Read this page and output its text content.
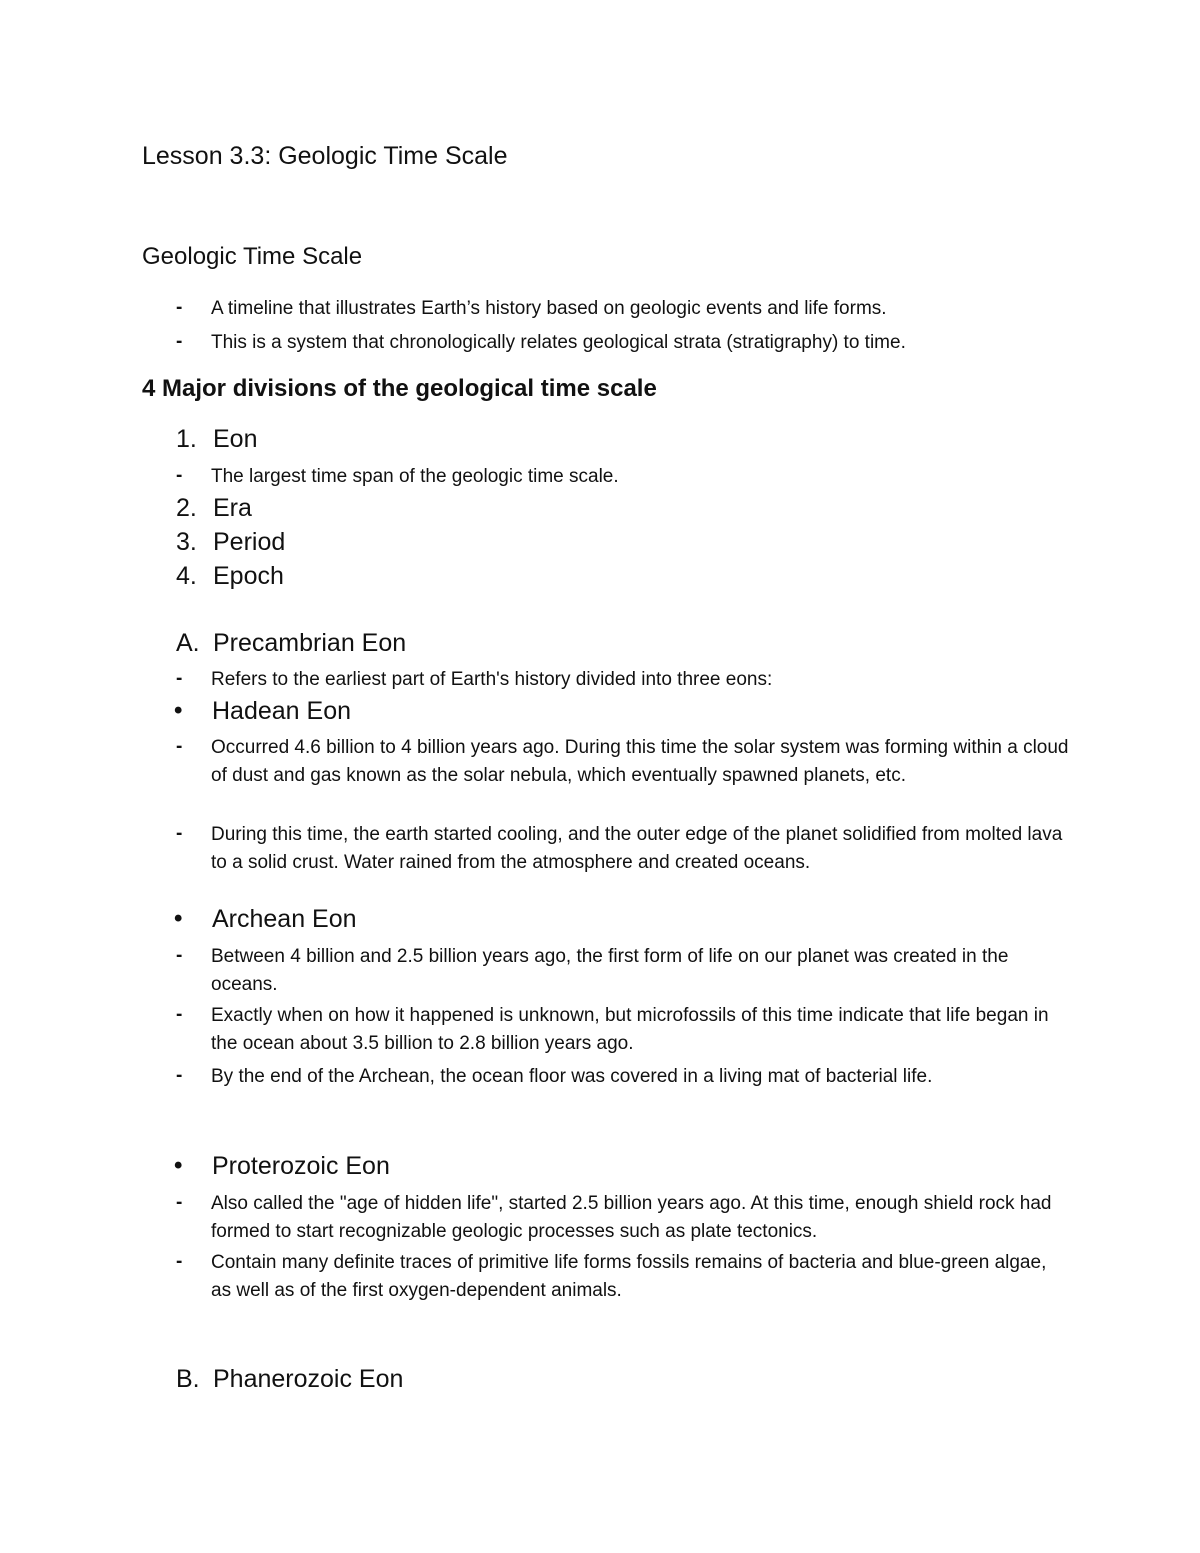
Lesson 3.3: Geologic Time Scale
Geologic Time Scale
- A timeline that illustrates Earth’s history based on geologic events and life forms.
- This is a system that chronologically relates geological strata (stratigraphy) to time.
4 Major divisions of the geological time scale
1. Eon
- The largest time span of the geologic time scale.
2. Era
3. Period
4. Epoch
A. Precambrian Eon
- Refers to the earliest part of Earth's history divided into three eons:
• Hadean Eon
- Occurred 4.6 billion to 4 billion years ago. During this time the solar system was forming within a cloud of dust and gas known as the solar nebula, which eventually spawned planets, etc.
- During this time, the earth started cooling, and the outer edge of the planet solidified from molted lava to a solid crust. Water rained from the atmosphere and created oceans.
• Archean Eon
- Between 4 billion and 2.5 billion years ago, the first form of life on our planet was created in the oceans.
- Exactly when on how it happened is unknown, but microfossils of this time indicate that life began in the ocean about 3.5 billion to 2.8 billion years ago.
- By the end of the Archean, the ocean floor was covered in a living mat of bacterial life.
• Proterozoic Eon
- Also called the "age of hidden life", started 2.5 billion years ago. At this time, enough shield rock had formed to start recognizable geologic processes such as plate tectonics.
- Contain many definite traces of primitive life forms fossils remains of bacteria and blue-green algae, as well as of the first oxygen-dependent animals.
B. Phanerozoic Eon
